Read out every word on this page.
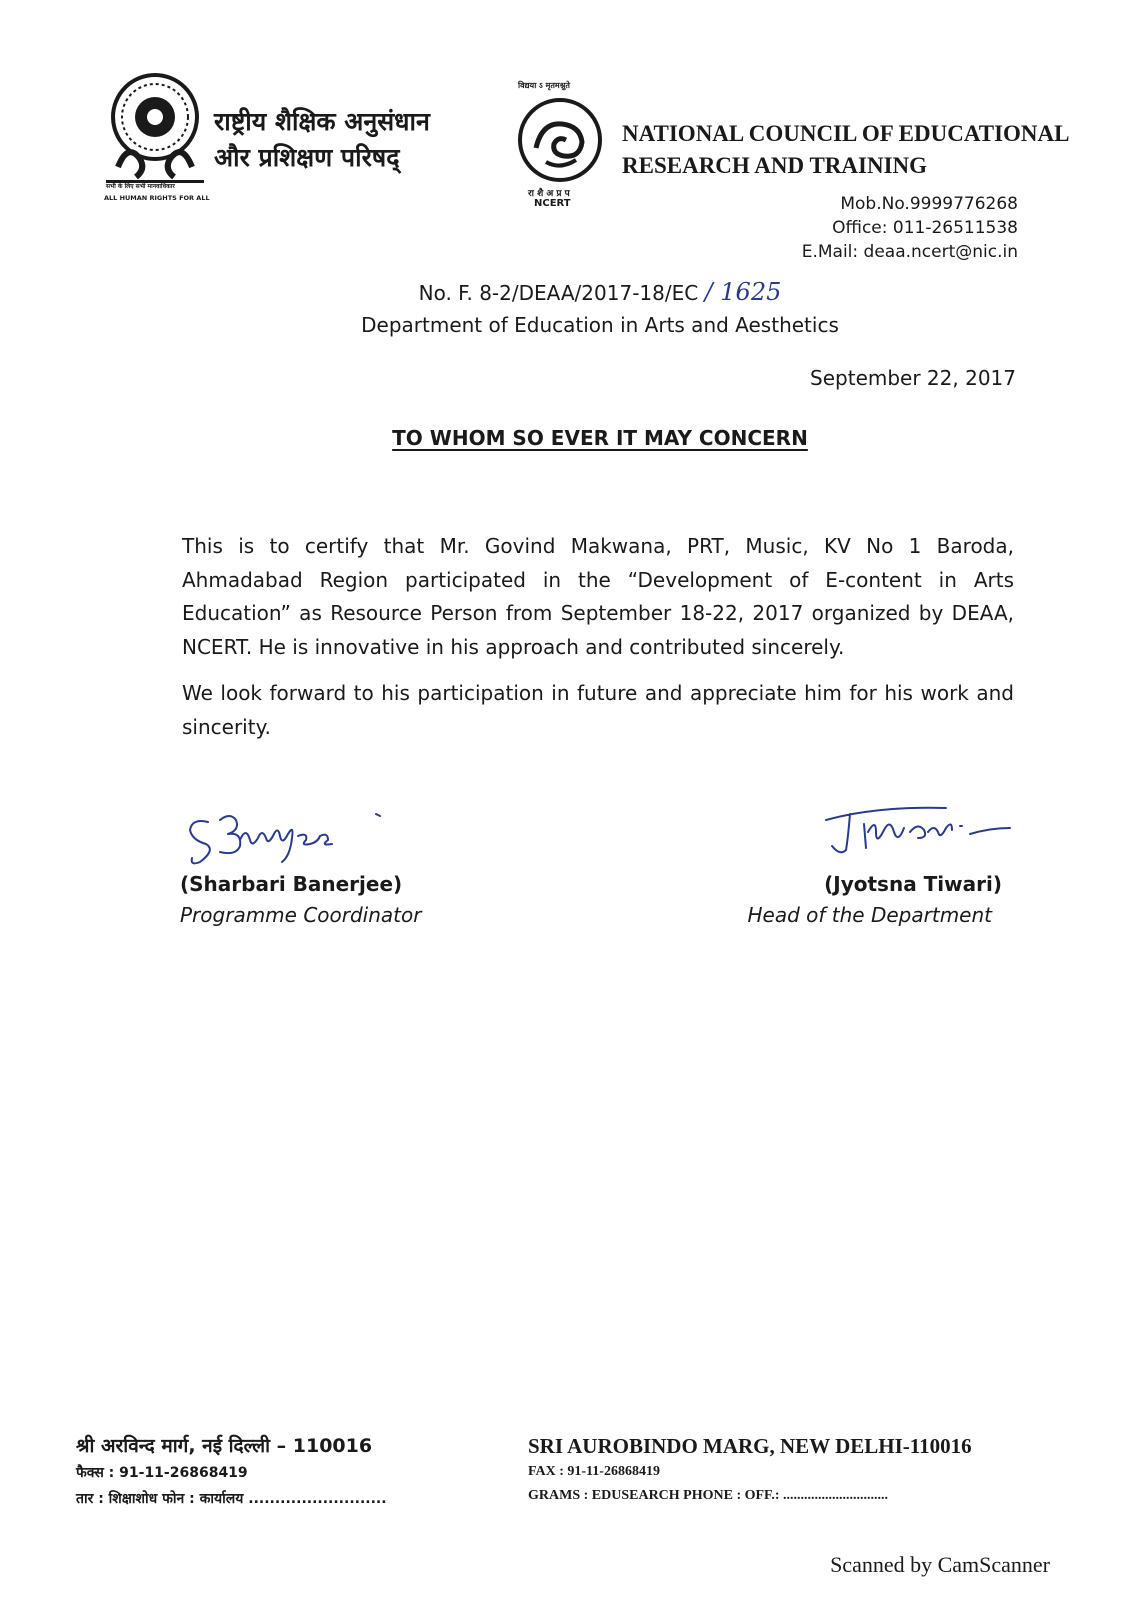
सभी के लिए सभी मानवाधिकार
ALL HUMAN RIGHTS FOR ALL
राष्ट्रीय शैक्षिक अनुसंधान
और प्रशिक्षण परिषद्
विद्यया ऽ मृतमश्नुते
रा शै अ प्र प
NCERT
NATIONAL COUNCIL OF EDUCATIONAL
RESEARCH AND TRAINING
Mob.No.9999776268
Office: 011-26511538
E.Mail: deaa.ncert@nic.in
No. F. 8-2/DEAA/2017-18/EC / 1625
Department of Education in Arts and Aesthetics
September 22, 2017
TO WHOM SO EVER IT MAY CONCERN
This is to certify that Mr. Govind Makwana, PRT, Music, KV No 1 Baroda, Ahmadabad Region participated in the “Development of E-content in Arts Education” as Resource Person from September 18-22, 2017 organized by DEAA, NCERT. He is innovative in his approach and contributed sincerely.
We look forward to his participation in future and appreciate him for his work and sincerity.
(Sharbari Banerjee)
Programme Coordinator
(Jyotsna Tiwari)
Head of the Department
श्री अरविन्द मार्ग, नई दिल्ली – 110016
फैक्स : 91-11-26868419
तार : शिक्षाशोध फोन : कार्यालय ..........................
SRI AUROBINDO MARG, NEW DELHI-110016
FAX : 91-11-26868419
GRAMS : EDUSEARCH PHONE : OFF.: ..............................
Scanned by CamScanner
